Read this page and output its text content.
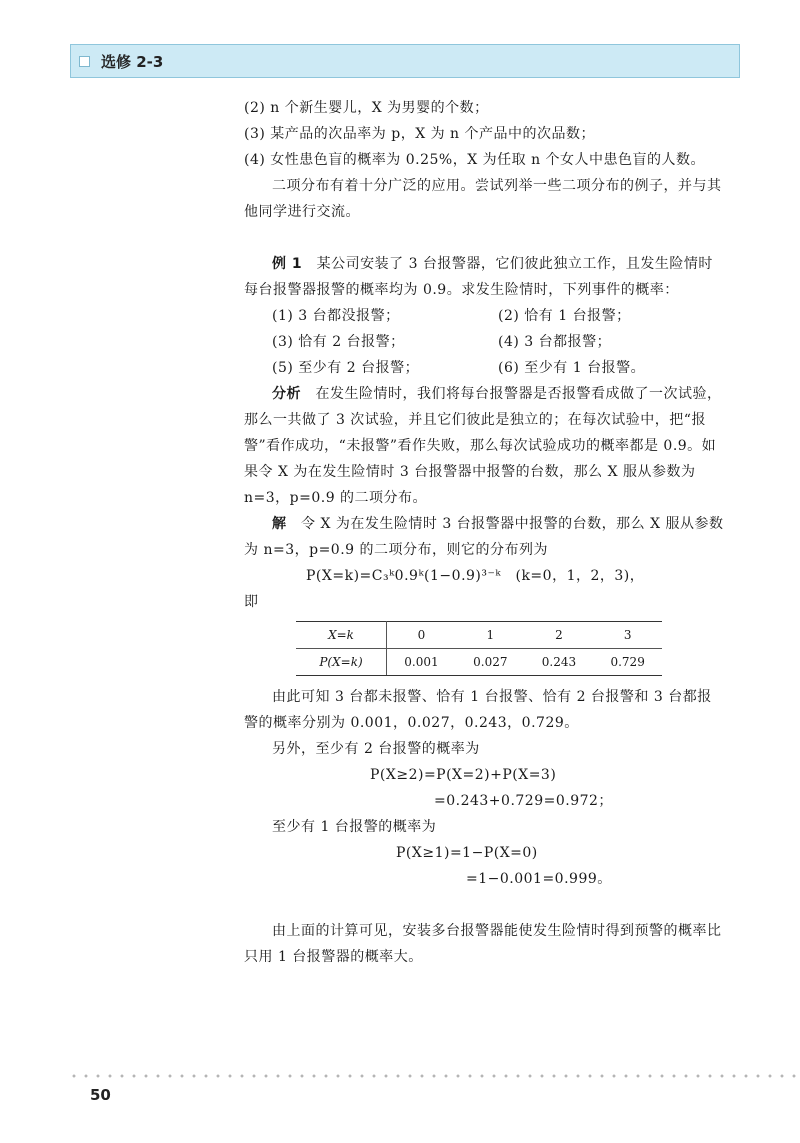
选修 2-3

(2) n 个新生婴儿，X 为男婴的个数；

(3) 某产品的次品率为 p，X 为 n 个产品中的次品数；

(4) 女性患色盲的概率为 0.25%，X 为任取 n 个女人中患色盲的人数。

二项分布有着十分广泛的应用。尝试列举一些二项分布的例子，并与其他同学进行交流。

例 1　 某公司安装了 3 台报警器，它们彼此独立工作，且发生险情时每台报警器报警的概率均为 0.9。求发生险情时，下列事件的概率：

(1) 3 台都没报警；	(2) 恰有 1 台报警；
(3) 恰有 2 台报警；	(4) 3 台都报警；
(5) 至少有 2 台报警；	(6) 至少有 1 台报警。

分析　 在发生险情时，我们将每台报警器是否报警看成做了一次试验，那么一共做了 3 次试验，并且它们彼此是独立的；在每次试验中，把“报警”看作成功，“未报警”看作失败，那么每次试验成功的概率都是 0.9。如果令 X 为在发生险情时 3 台报警器中报警的台数，那么 X 服从参数为 n=3，p=0.9 的二项分布。

解　 令 X 为在发生险情时 3 台报警器中报警的台数，那么 X 服从参数为 n=3，p=0.9 的二项分布，则它的分布列为

P(X=k)=C₃ᵏ0.9ᵏ(1−0.9)³⁻ᵏ　(k=0，1，2，3)，

即

X=k	0	1	2	3
P(X=k)	0.001	0.027	0.243	0.729

由此可知 3 台都未报警、恰有 1 台报警、恰有 2 台报警和 3 台都报警的概率分别为 0.001，0.027，0.243，0.729。

另外，至少有 2 台报警的概率为

P(X≥2)=P(X=2)+P(X=3)

=0.243+0.729=0.972；

至少有 1 台报警的概率为

P(X≥1)=1−P(X=0)

=1−0.001=0.999。

由上面的计算可见，安装多台报警器能使发生险情时得到预警的概率比只用 1 台报警器的概率大。

50
